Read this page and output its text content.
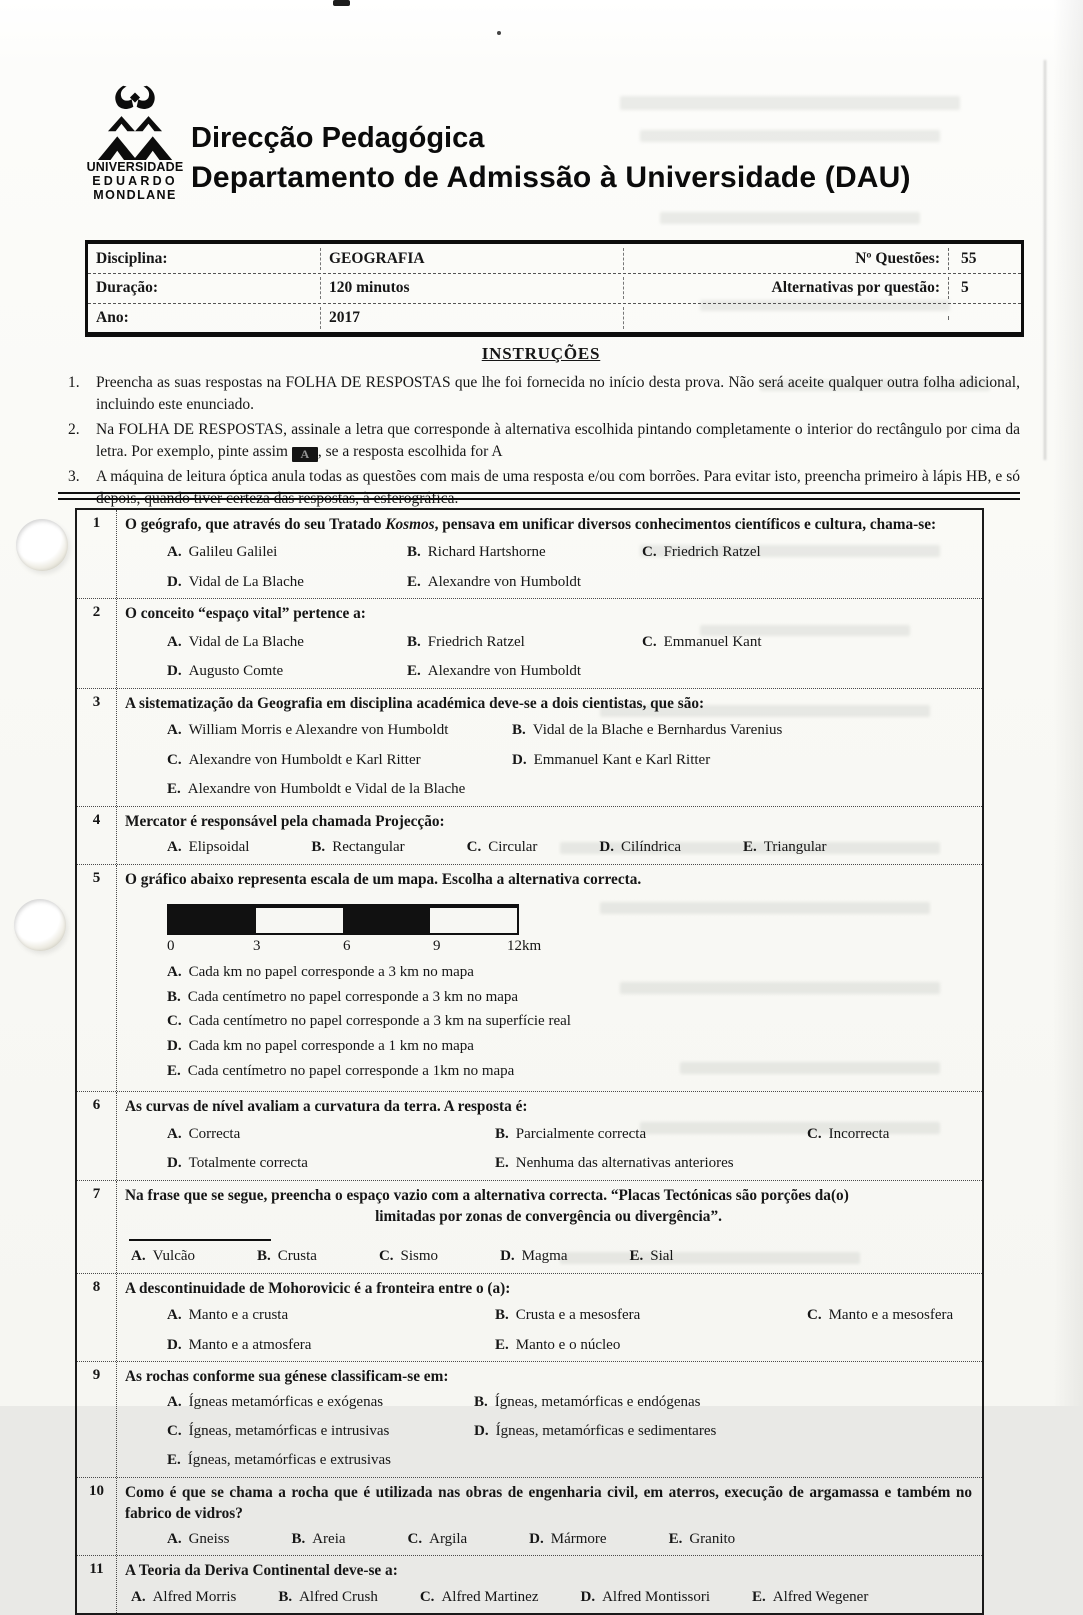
UNIVERSIDADE
EDUARDO
MONDLANE
Direcção Pedagógica
Departamento de Admissão à Universidade (DAU)
Disciplina:	GEOGRAFIA	Nº Questões:	55
Duração:	120 minutos	Alternativas por questão:	5
Ano:	2017
INSTRUÇÕES
1.	Preencha as suas respostas na FOLHA DE RESPOSTAS que lhe foi fornecida no início desta prova. Não será aceite qualquer outra folha adicional, incluindo este enunciado.
2.	Na FOLHA DE RESPOSTAS, assinale a letra que corresponde à alternativa escolhida pintando completamente o interior do rectângulo por cima da letra. Por exemplo, pinte assim A , se a resposta escolhida for A
3.	A máquina de leitura óptica anula todas as questões com mais de uma resposta e/ou com borrões. Para evitar isto, preencha primeiro à lápis HB, e só depois, quando tiver certeza das respostas, à esferográfica.
1	O geógrafo, que através do seu Tratado Kosmos, pensava em unificar diversos conhecimentos científicos e cultura, chama-se:
A. Galileu Galilei	B. Richard Hartshorne	C. Friedrich Ratzel
D. Vidal de La Blache	E. Alexandre von Humboldt
2	O conceito “espaço vital” pertence a:
A. Vidal de La Blache	B. Friedrich Ratzel	C. Emmanuel Kant
D. Augusto Comte	E. Alexandre von Humboldt
3	A sistematização da Geografia em disciplina académica deve-se a dois cientistas, que são:
A. William Morris e Alexandre von Humboldt	B. Vidal de la Blache e Bernhardus Varenius
C. Alexandre von Humboldt e Karl Ritter	D. Emmanuel Kant e Karl Ritter
E. Alexandre von Humboldt e Vidal de la Blache
4	Mercator é responsável pela chamada Projecção:
A. Elipsoidal	B. Rectangular	C. Circular	D. Cilíndrica	E. Triangular
5	O gráfico abaixo representa escala de um mapa. Escolha a alternativa correcta.
0	3	6	9	12km
A. Cada km no papel corresponde a 3 km no mapa
B. Cada centímetro no papel corresponde a 3 km no mapa
C. Cada centímetro no papel corresponde a 3 km na superfície real
D. Cada km no papel corresponde a 1 km no mapa
E. Cada centímetro no papel corresponde a 1km no mapa
6	As curvas de nível avaliam a curvatura da terra. A resposta é:
A. Correcta	B. Parcialmente correcta	C. Incorrecta
D. Totalmente correcta	E. Nenhuma das alternativas anteriores
7	Na frase que se segue, preencha o espaço vazio com a alternativa correcta. “Placas Tectónicas são porções da(o)
limitadas por zonas de convergência ou divergência”.
A. Vulcão	B. Crusta	C. Sismo	D. Magma	E. Sial
8	A descontinuidade de Mohorovicic é a fronteira entre o (a):
A. Manto e a crusta	B. Crusta e a mesosfera	C. Manto e a mesosfera
D. Manto e a atmosfera	E. Manto e o núcleo
9	As rochas conforme sua génese classificam-se em:
A. Ígneas metamórficas e exógenas	B. Ígneas, metamórficas e endógenas
C. Ígneas, metamórficas e intrusivas	D. Ígneas, metamórficas e sedimentares
E. Ígneas, metamórficas e extrusivas
10	Como é que se chama a rocha que é utilizada nas obras de engenharia civil, em aterros, execução de argamassa e também no fabrico de vidros?
A. Gneiss	B. Areia	C. Argila	D. Mármore	E. Granito
11	A Teoria da Deriva Continental deve-se a:
A. Alfred Morris	B. Alfred Crush	C. Alfred Martinez	D. Alfred Montissori	E. Alfred Wegener
